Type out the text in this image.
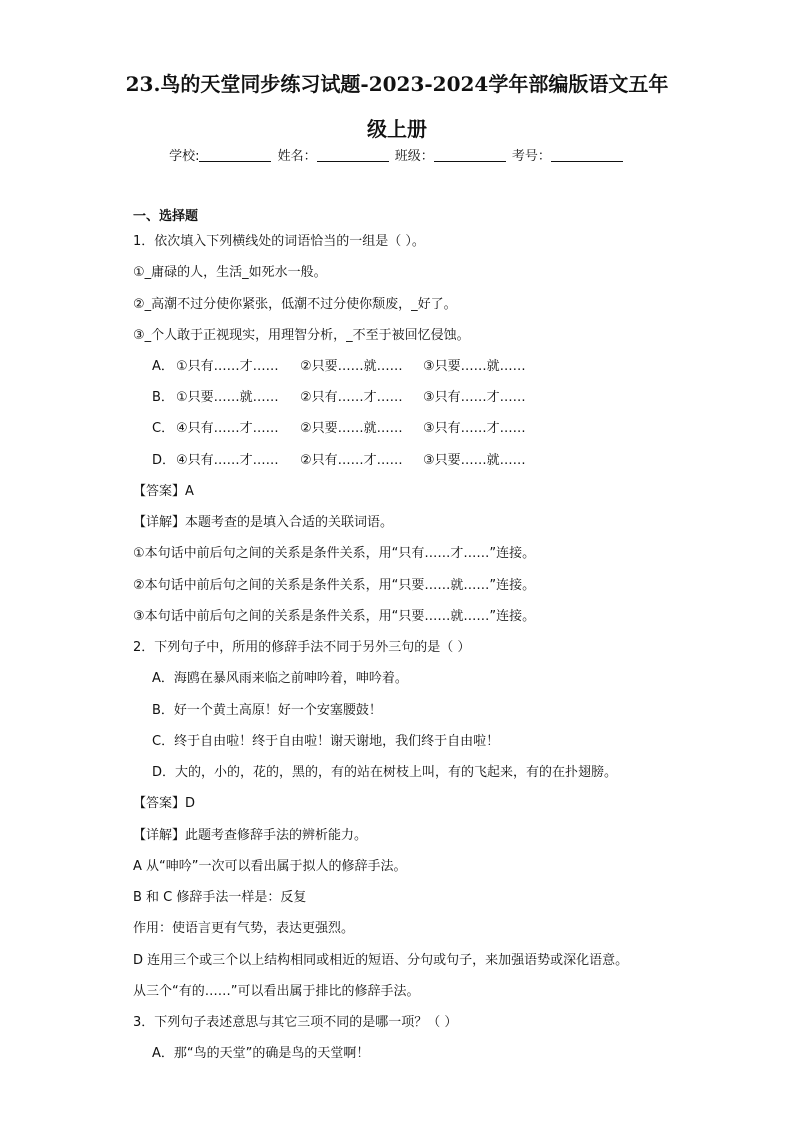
23.鸟的天堂同步练习试题-2023-2024学年部编版语文五年
级上册
学校:	姓名：	班级：	考号：
一、选择题
1．依次填入下列横线处的词语恰当的一组是（ ）。
①_庸碌的人，生活_如死水一般。
②_高潮不过分使你紧张，低潮不过分使你颓废，_好了。
③_个人敢于正视现实，用理智分析，_不至于被回忆侵蚀。
A． ①只有……才…… ②只要……就…… ③只要……就……
B． ①只要……就…… ②只有……才…… ③只有……才……
C． ④只有……才…… ②只要……就…… ③只有……才……
D． ④只有……才…… ②只有……才…… ③只要……就……
【答案】A
【详解】本题考查的是填入合适的关联词语。
①本句话中前后句之间的关系是条件关系，用“只有……才……”连接。
②本句话中前后句之间的关系是条件关系，用“只要……就……”连接。
③本句话中前后句之间的关系是条件关系，用“只要……就……”连接。
2．下列句子中，所用的修辞手法不同于另外三句的是（ ）
A．海鸥在暴风雨来临之前呻吟着，呻吟着。
B．好一个黄土高原！好一个安塞腰鼓！
C．终于自由啦！终于自由啦！谢天谢地，我们终于自由啦！
D．大的，小的，花的，黑的，有的站在树枝上叫，有的飞起来，有的在扑翅膀。
【答案】D
【详解】此题考查修辞手法的辨析能力。
A 从“呻吟”一次可以看出属于拟人的修辞手法。
B 和 C 修辞手法一样是：反复
作用：使语言更有气势，表达更强烈。
D 连用三个或三个以上结构相同或相近的短语、分句或句子，来加强语势或深化语意。
从三个“有的……”可以看出属于排比的修辞手法。
3．下列句子表述意思与其它三项不同的是哪一项？（ ）
A．那“鸟的天堂”的确是鸟的天堂啊！
